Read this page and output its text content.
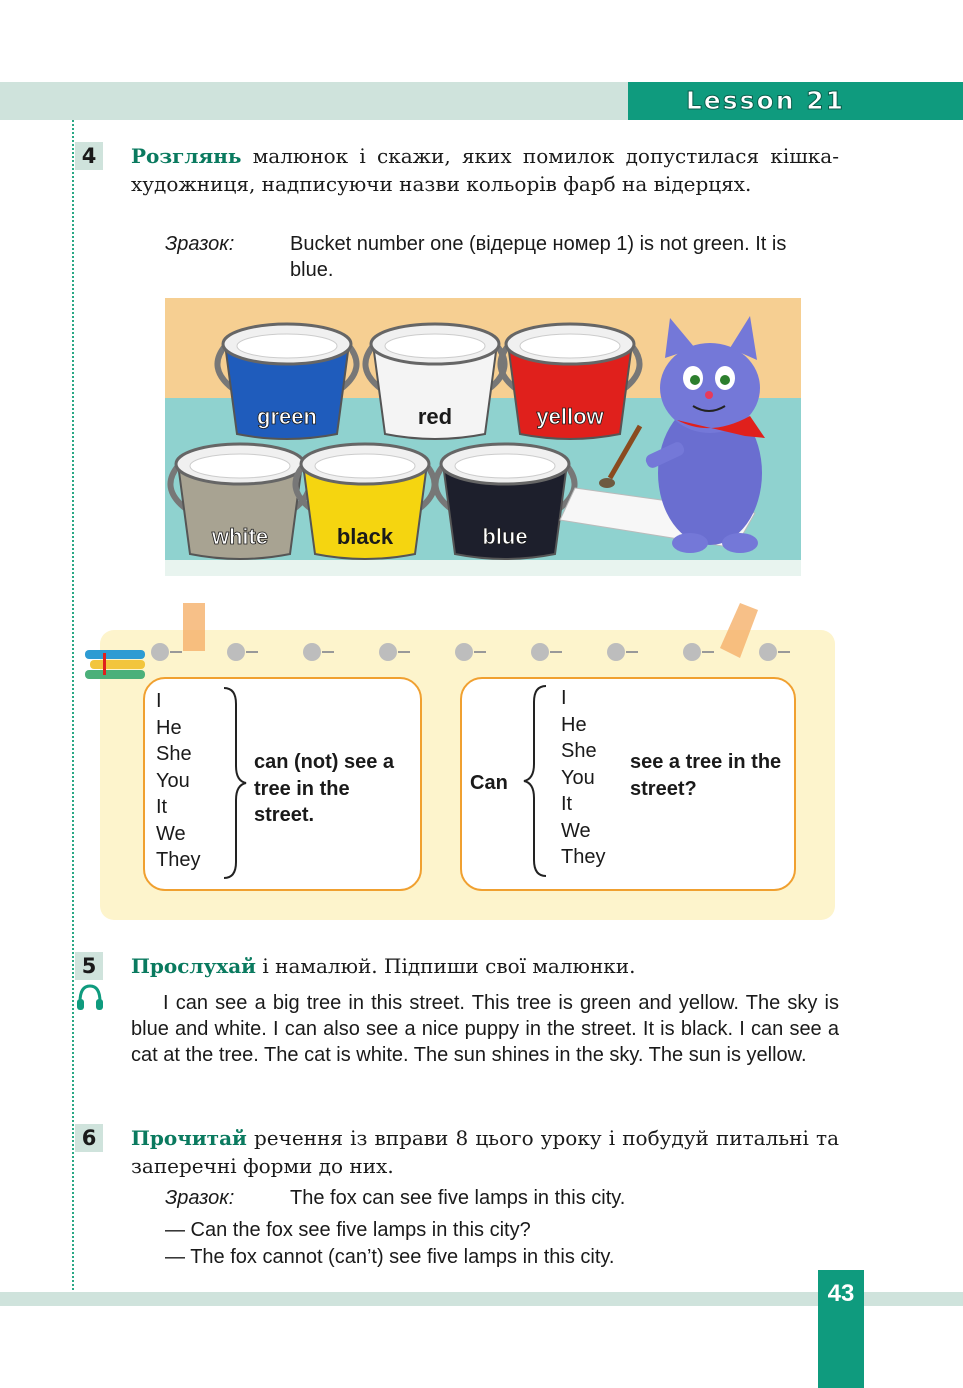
Lesson 21
4	Розглянь малюнок і скажи, яких помилок допустилася кішка-художниця, надписуючи назви кольорів фарб на відерцях.
Зразок:	Bucket number one (відерце номер 1) is not green. It is blue.
green	red	yellow
white	black	blue
I
He
She
You
It
We
They
can (not) see a tree in the street.
Can
I
He
She
You
It
We
They
see a tree in the street?
5	Прослухай і намалюй. Підпиши свої малюнки.
I can see a big tree in this street. This tree is green and yellow. The sky is blue and white. I can also see a nice puppy in the street. It is black. I can see a cat at the tree. The cat is white. The sun shines in the sky. The sun is yellow.
6	Прочитай речення із вправи 8 цього уроку і побудуй питальні та заперечні форми до них.
Зразок:	The fox can see five lamps in this city.
— Can the fox see five lamps in this city?
— The fox cannot (can’t) see five lamps in this city.
43
